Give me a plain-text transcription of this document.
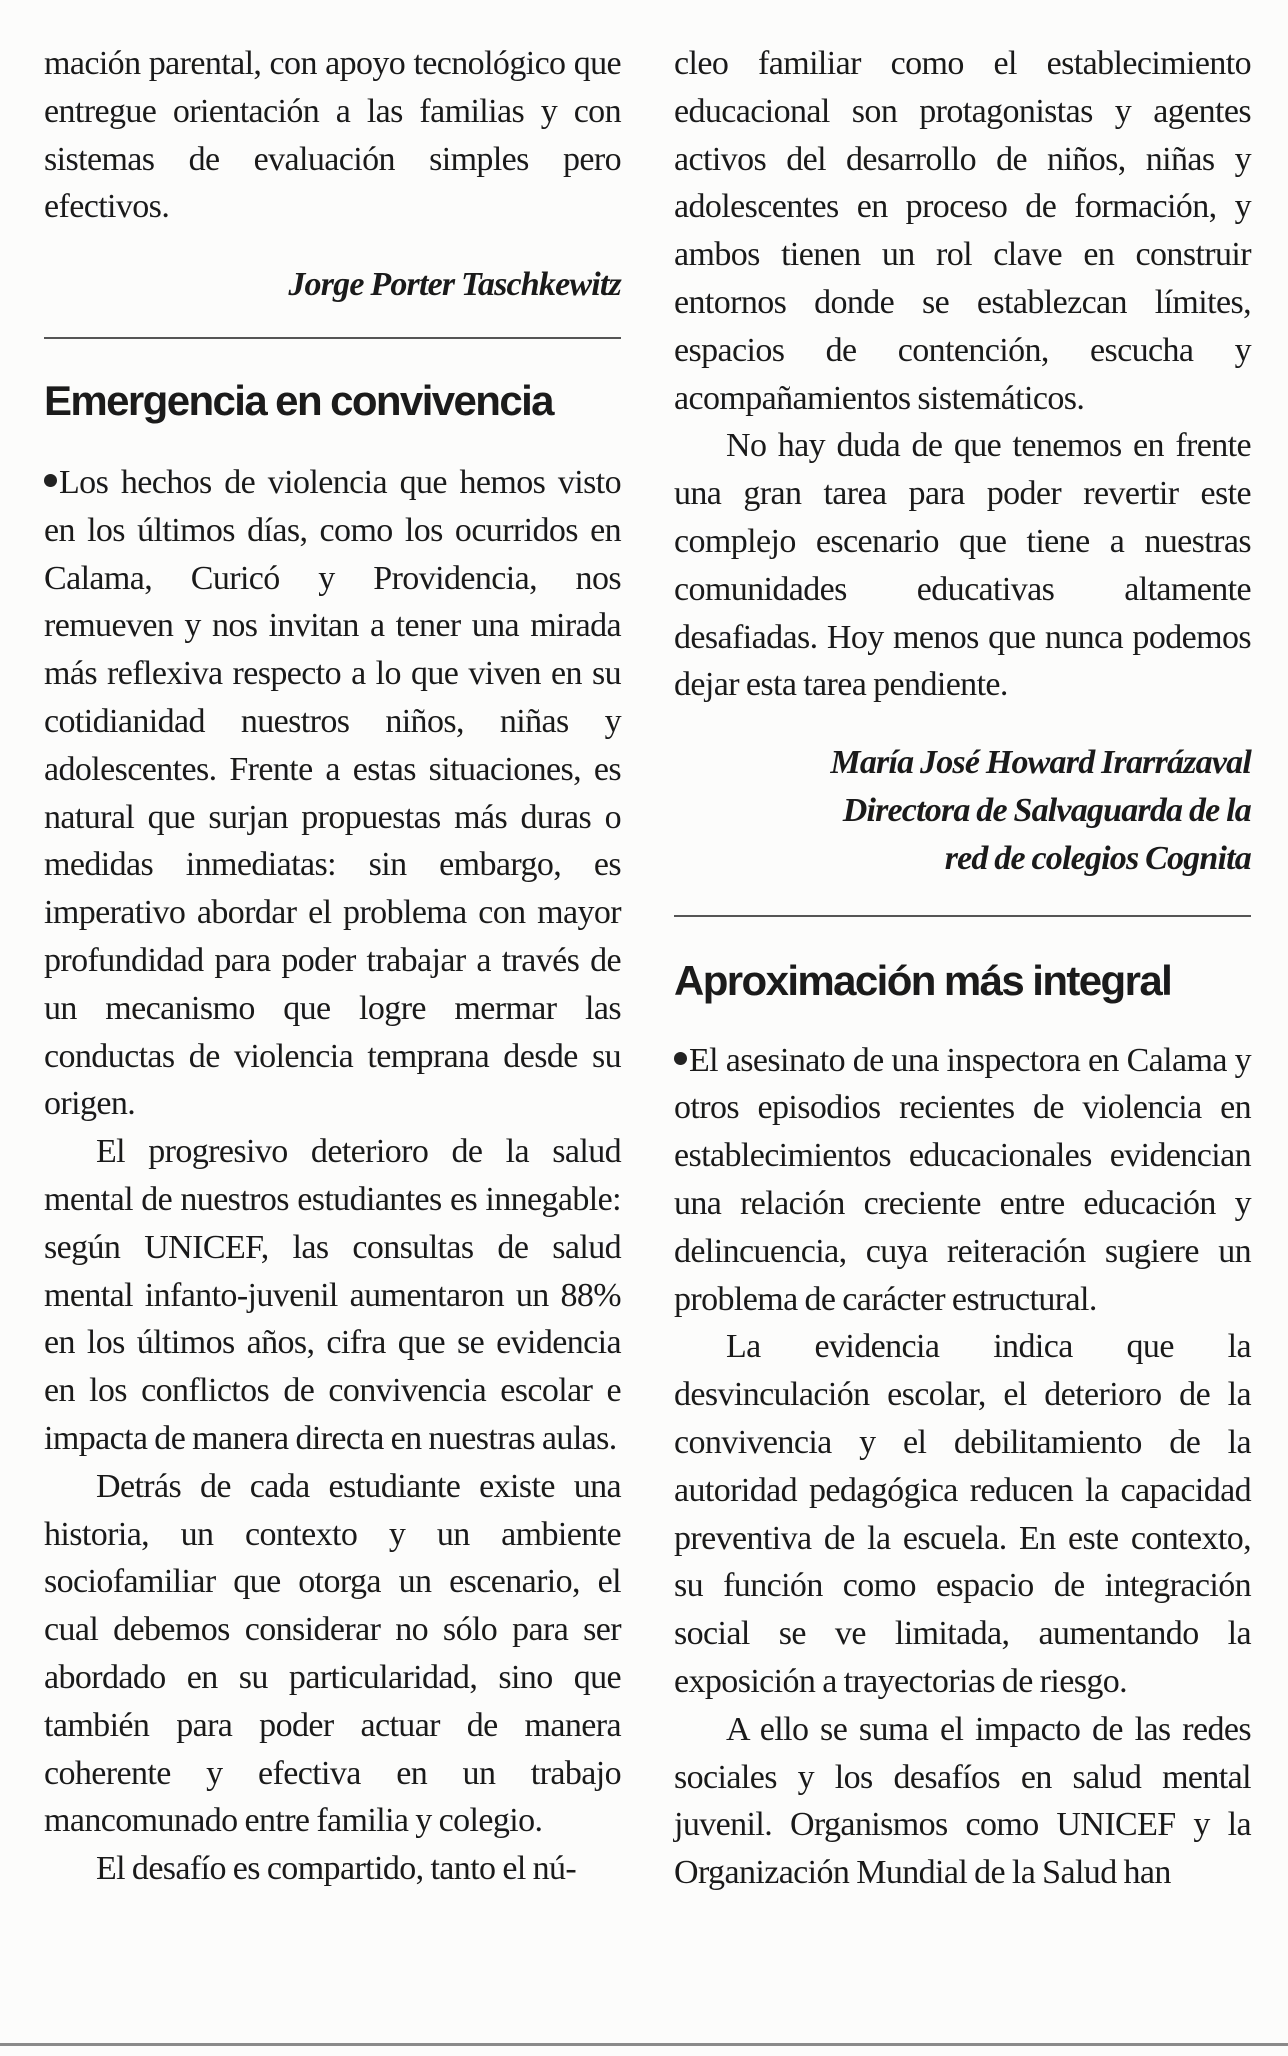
mación parental, con apoyo tecnológico que entregue orientación a las familias y con sistemas de evaluación simples pero efectivos.

Jorge Porter Taschkewitz

Emergencia en convivencia

Los hechos de violencia que hemos visto en los últimos días, como los ocurridos en Calama, Curicó y Providencia, nos remueven y nos invitan a tener una mirada más reflexiva respecto a lo que viven en su cotidianidad nuestros niños, niñas y adolescentes. Frente a estas situaciones, es natural que surjan propuestas más duras o medidas inmediatas: sin embargo, es imperativo abordar el problema con mayor profundidad para poder trabajar a través de un mecanismo que logre mermar las conductas de violencia temprana desde su origen.

El progresivo deterioro de la salud mental de nuestros estudiantes es innegable: según UNICEF, las consultas de salud mental infanto-juvenil aumentaron un 88% en los últimos años, cifra que se evidencia en los conflictos de convivencia escolar e impacta de manera directa en nuestras aulas.

Detrás de cada estudiante existe una historia, un contexto y un ambiente sociofamiliar que otorga un escenario, el cual debemos considerar no sólo para ser abordado en su particularidad, sino que también para poder actuar de manera coherente y efectiva en un trabajo mancomunado entre familia y colegio.

El desafío es compartido, tanto el nú-

cleo familiar como el establecimiento educacional son protagonistas y agentes activos del desarrollo de niños, niñas y adolescentes en proceso de formación, y ambos tienen un rol clave en construir entornos donde se establezcan límites, espacios de contención, escucha y acompañamientos sistemáticos.

No hay duda de que tenemos en frente una gran tarea para poder revertir este complejo escenario que tiene a nuestras comunidades educativas altamente desafiadas. Hoy menos que nunca podemos dejar esta tarea pendiente.

María José Howard Irarrázaval

Directora de Salvaguarda de la

red de colegios Cognita

Aproximación más integral

El asesinato de una inspectora en Calama y otros episodios recientes de violencia en establecimientos educacionales evidencian una relación creciente entre educación y delincuencia, cuya reiteración sugiere un problema de carácter estructural.

La evidencia indica que la desvinculación escolar, el deterioro de la convivencia y el debilitamiento de la autoridad pedagógica reducen la capacidad preventiva de la escuela. En este contexto, su función como espacio de integración social se ve limitada, aumentando la exposición a trayectorias de riesgo.

A ello se suma el impacto de las redes sociales y los desafíos en salud mental juvenil. Organismos como UNICEF y la Organización Mundial de la Salud han
